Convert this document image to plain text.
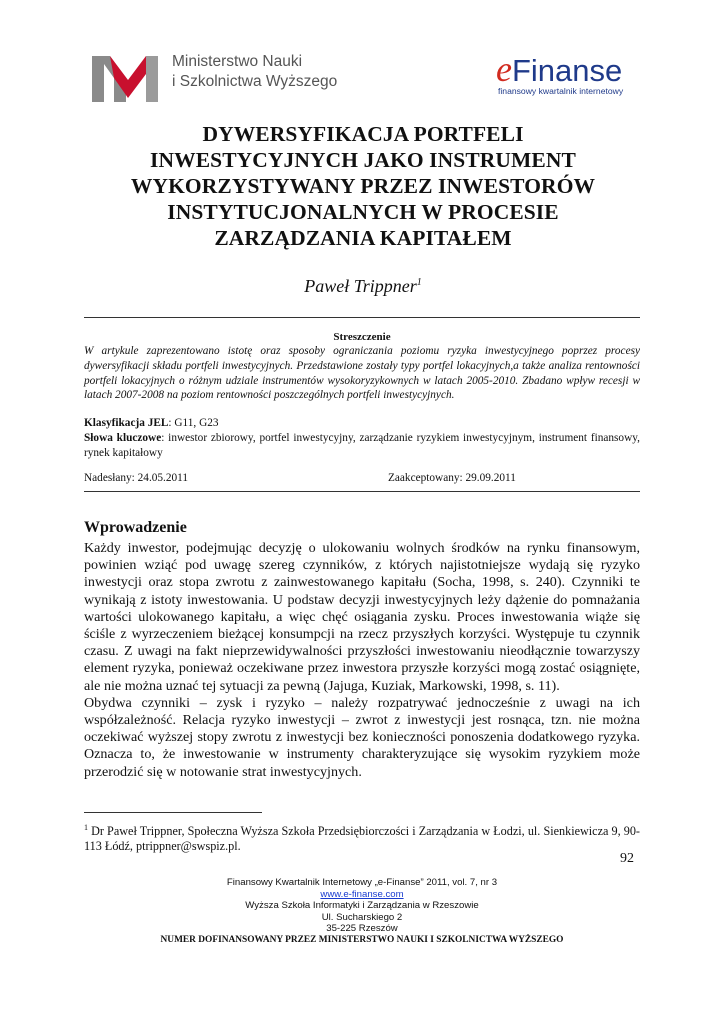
Ministerstwo Nauki
i Szkolnictwa Wyższego	eFinanse
finansowy kwartalnik internetowy
DYWERSYFIKACJA PORTFELI
INWESTYCYJNYCH JAKO INSTRUMENT
WYKORZYSTYWANY PRZEZ INWESTORÓW
INSTYTUCJONALNYCH W PROCESIE
ZARZĄDZANIA KAPITAŁEM
Paweł Trippner$^1$
Streszczenie
W artykule zaprezentowano istotę oraz sposoby ograniczania poziomu ryzyka inwestycyjnego poprzez procesy dywersyfikacji składu portfeli inwestycyjnych. Przedstawione zostały typy portfel lokacyjnych,a także analiza rentowności portfeli lokacyjnych o różnym udziale instrumentów wysokoryzykownych w latach 2005-2010. Zbadano wpływ recesji w latach 2007-2008 na poziom rentowności poszczególnych portfeli inwestycyjnych.
Klasyfikacja JEL: G11, G23
Słowa kluczowe: inwestor zbiorowy, portfel inwestycyjny, zarządzanie ryzykiem inwestycyjnym, instrument finansowy, rynek kapitałowy
Nadesłany: 24.05.2011	Zaakceptowany: 29.09.2011
Wprowadzenie

Każdy inwestor, podejmując decyzję o ulokowaniu wolnych środków na rynku finansowym, powinien wziąć pod uwagę szereg czynników, z których najistotniejsze wydają się ryzyko inwestycji oraz stopa zwrotu z zainwestowanego kapitału (Socha, 1998, s. 240). Czynniki te wynikają z istoty inwestowania. U podstaw decyzji inwestycyjnych leży dążenie do pomnażania wartości ulokowanego kapitału, a więc chęć osiągania zysku. Proces inwestowania wiąże się ściśle z wyrzeczeniem bieżącej konsumpcji na rzecz przyszłych korzyści. Występuje tu czynnik czasu. Z uwagi na fakt nieprzewidywalności przyszłości inwestowaniu nieodłącznie towarzyszy element ryzyka, ponieważ oczekiwane przez inwestora przyszłe korzyści mogą zostać osiągnięte, ale nie można uznać tej sytuacji za pewną (Jajuga, Kuziak, Markowski, 1998, s. 11).

Obydwa czynniki – zysk i ryzyko – należy rozpatrywać jednocześnie z uwagi na ich współzależność. Relacja ryzyko inwestycji – zwrot z inwestycji jest rosnąca, tzn. nie można oczekiwać wyższej stopy zwrotu z inwestycji bez konieczności ponoszenia dodatkowego ryzyka. Oznacza to, że inwestowanie w instrumenty charakteryzujące się wysokim ryzykiem może przerodzić się w notowanie strat inwestycyjnych.

$^1$ Dr Paweł Trippner, Społeczna Wyższa Szkoła Przedsiębiorczości i Zarządzania w Łodzi, ul. Sienkiewicza 9, 90-113 Łódź, ptrippner@swspiz.pl.
92
Finansowy Kwartalnik Internetowy „e-Finanse” 2011, vol. 7, nr 3
www.e-finanse.com
Wyższa Szkoła Informatyki i Zarządzania w Rzeszowie
Ul. Sucharskiego 2
35-225 Rzeszów
NUMER DOFINANSOWANY PRZEZ MINISTERSTWO NAUKI I SZKOLNICTWA WYŻSZEGO
